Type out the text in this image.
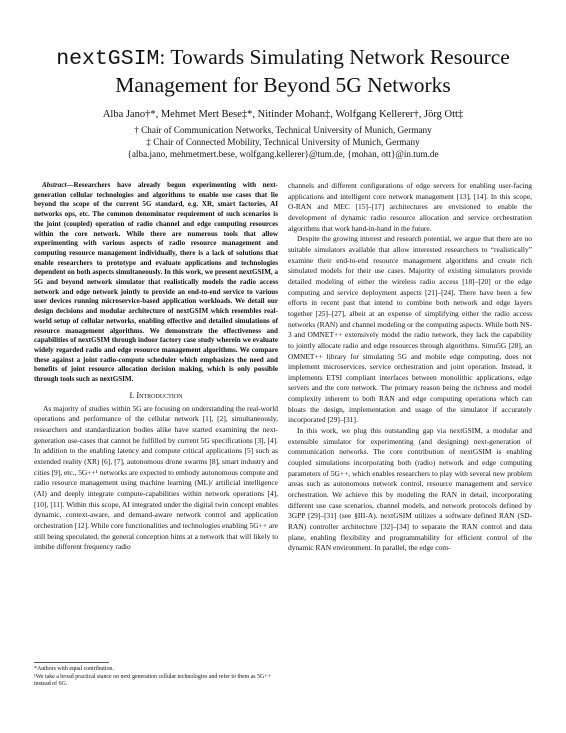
nextGSIM: Towards Simulating Network Resource
Management for Beyond 5G Networks
Alba Jano†*, Mehmet Mert Bese‡*, Nitinder Mohan‡, Wolfgang Kellerer†, Jörg Ott‡
† Chair of Communication Networks, Technical University of Munich, Germany
‡ Chair of Connected Mobility, Technical University of Munich, Germany
{alba.jano, mehmetmert.bese, wolfgang.kellerer}@tum.de, {mohan, ott}@in.tum.de

Abstract—Researchers have already begun experimenting with next-generation cellular technologies and algorithms to enable use cases that lie beyond the scope of the current 5G standard, e.g. XR, smart factories, AI networks ops, etc. The common denominator requirement of such scenarios is the joint (coupled) operation of radio channel and edge computing resources within the core network. While there are numerous tools that allow experimenting with various aspects of radio resource management and computing resource management individually, there is a lack of solutions that enable researchers to prototype and evaluate applications and technologies dependent on both aspects simultaneously. In this work, we present nextGSIM, a 5G and beyond network simulator that realistically models the radio access network and edge network jointly to provide an end-to-end service to various user devices running microservice-based application workloads. We detail our design decisions and modular architecture of nextGSIM which resembles real-world setup of cellular networks, enabling effective and detailed simulations of resource management algorithms. We demonstrate the effectiveness and capabilities of nextGSIM through indoor factory case study wherein we evaluate widely regarded radio and edge resource management algorithms. We compare these against a joint radio-compute scheduler which emphasizes the need and benefits of joint resource allocation decision making, which is only possible through tools such as nextGSIM.

I. Introduction

As majority of studies within 5G are focusing on understanding the real-world operations and performance of the cellular network [1], [2], simultaneously, researchers and standardization bodies alike have started examining the next-generation use-cases that cannot be fulfilled by current 5G specifications [3], [4]. In addition to the enabling latency and compute critical applications [5] such as extended reality (XR) [6], [7], autonomous drone swarms [8], smart industry and cities [9], etc., 5G++¹ networks are expected to embody autonomous compute and radio resource management using machine learning (ML)/ artificial intelligence (AI) and deeply integrate compute-capabilities within network operations [4], [10], [11]. Within this scope, AI integrated under the digital twin concept enables dynamic, context-aware, and demand-aware network control and application orchestration [12]. While core functionalities and technologies enabling 5G++ are still being speculated, the general conception hints at a network that will likely to imbibe different frequency radio

*Authors with equal contribution.
¹We take a broad practical stance on next generation cellular technologies and refer to them as 5G++ instead of 6G.

channels and different configurations of edge servers for enabling user-facing applications and intelligent core network management [13], [14]. In this scope, O-RAN and MEC [15]–[17] architectures are envisioned to enable the development of dynamic radio resource allocation and service orchestration algorithms that work hand-in-hand in the future.

Despite the growing interest and research potential, we argue that there are no suitable simulators available that allow interested researchers to “realistically” examine their end-to-end resource management algorithms and create rich simulated models for their use cases. Majority of existing simulators provide detailed modeling of either the wireless radio access [18]–[20] or the edge computing and service deployment aspects [21]–[24]. There have been a few efforts in recent past that intend to combine both network and edge layers together [25]–[27], albeit at an expense of simplifying either the radio access networks (RAN) and channel modeling or the computing aspects. While both NS-3 and OMNET++ extensively model the radio network, they lack the capability to jointly allocate radio and edge resources through algorithms. Simu5G [28], an OMNET++ library for simulating 5G and mobile edge computing, does not implement microservices, service orchestration and joint operation. Instead, it implements ETSI compliant interfaces between monolithic applications, edge servers and the core network. The primary reason being the richness and model complexity inherent to both RAN and edge computing operations which can bloats the design, implementation and usage of the simulator if accurately incorporated [29]–[31].

In this work, we plug this outstanding gap via nextGSIM, a modular and extensible simulator for experimenting (and designing) next-generation of communication networks. The core contribution of nextGSIM is enabling coupled simulations incorporating both (radio) network and edge computing parameters of 5G++, which enables researchers to play with several new problem areas such as autonomous network control, resource management and service orchestration. We achieve this by modeling the RAN in detail, incorporating different use case scenarios, channel models, and network protocols defined by 3GPP [29]–[31] (see §III-A). nextGSIM utilizes a software defined RAN (SD-RAN) controller architecture [32]–[34] to separate the RAN control and data plane, enabling flexibility and programmability for efficient control of the dynamic RAN environment. In parallel, the edge com-
